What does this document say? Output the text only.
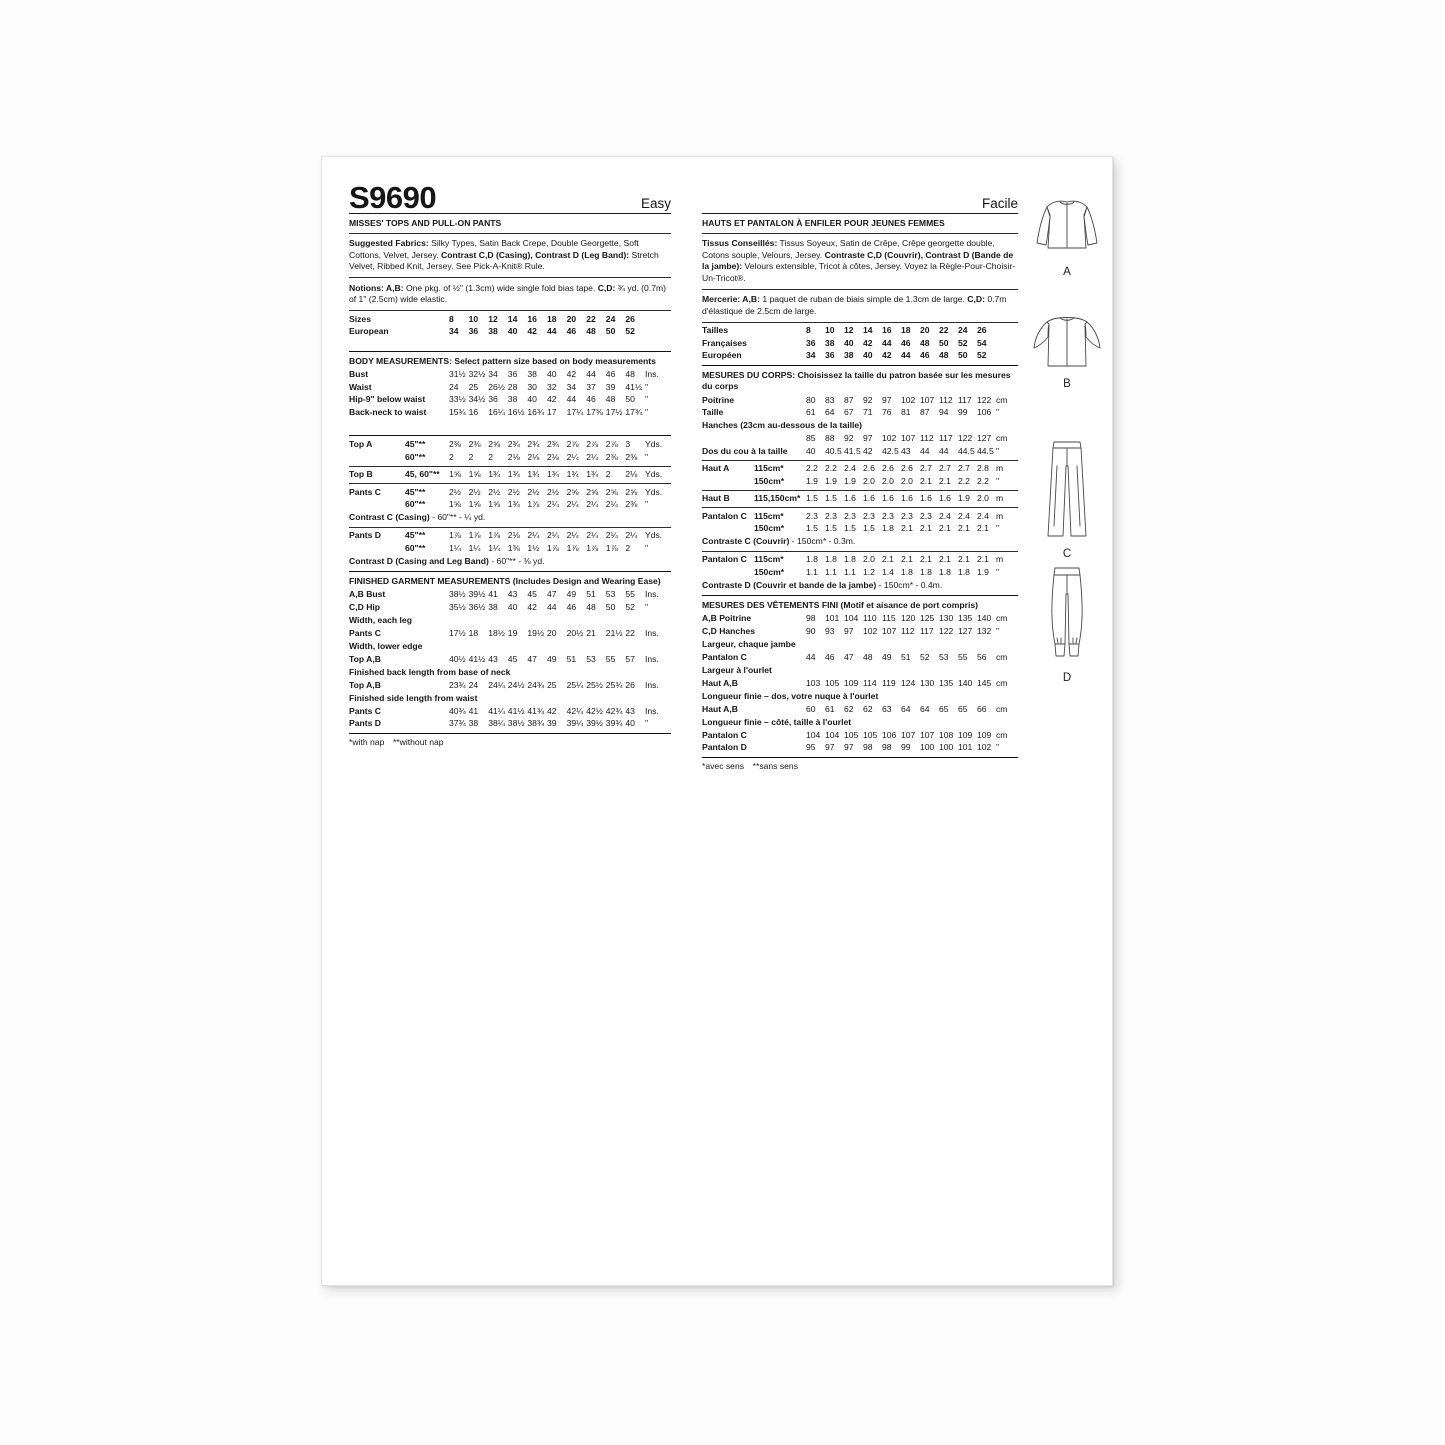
S9690	Easy
MISSES' TOPS AND PULL-ON PANTS
Suggested Fabrics: Silky Types, Satin Back Crepe, Double Georgette, Soft Cottons, Velvet, Jersey. Contrast C,D (Casing), Contrast D (Leg Band): Stretch Velvet, Ribbed Knit, Jersey. See Pick-A-Knit® Rule.
Notions: A,B: One pkg. of ½" (1.3cm) wide single fold bias tape. C,D: ¾ yd. (0.7m) of 1" (2.5cm) wide elastic.
Sizes	8	10	12	14	16	18	20	22	24	26
European	34	36	38	40	42	44	46	48	50	52
BODY MEASUREMENTS: Select pattern size based on body measurements
Bust	31½ 32½ 34	36	38	40	42	44	46	48	Ins.
Waist	24	25	26½ 28	30	32	34	37	39	41½ "
Hip-9" below waist	33½ 34½ 36	38	40	42	44	46	48	50	"
Back-neck to waist	15¾ 16	16¼ 16½ 16¾ 17	17¼ 17⅜ 17½ 17¾ "
Top A	45"**	2⅜ 2⅜ 2⅝ 2¾ 2¾ 2¾ 2⅞ 2⅞ 2⅞ 3	Yds.
60"**	2	2	2	2⅛ 2⅛ 2⅛ 2¼ 2¼ 2⅜ 2⅜ "
Top B	45, 60"**	1⅝ 1⅝ 1¾ 1¾ 1¾ 1¾ 1¾ 1¾ 2	2⅛ Yds.
Pants C	45"**	2½ 2½ 2½ 2½ 2½ 2½ 2⅝ 2⅝ 2⅝ 2⅝ Yds.
60"**	1⅝ 1⅝ 1⅝ 1¾ 1⅞ 2¼ 2¼ 2¼ 2¼ 2⅜ "
Contrast C (Casing) - 60"** - ¼ yd.
Pants D	45"**	1⅞ 1⅞ 1⅞ 2⅛ 2¼ 2¼ 2¼ 2¼ 2¼ 2¼ Yds.
60"**	1¼ 1¼ 1¼ 1⅜ 1½ 1⅞ 1⅞ 1⅞ 1⅞ 2	"
Contrast D (Casing and Leg Band) - 60"** - ⅜ yd.
FINISHED GARMENT MEASUREMENTS (Includes Design and Wearing Ease)
A,B Bust	38½ 39½ 41	43	45	47	49	51	53	55	Ins.
C,D Hip	35½ 36½ 38	40	42	44	46	48	50	52	"
Width, each leg
Pants C	17½ 18	18½ 19	19½ 20	20½ 21	21½ 22	Ins.
Width, lower edge
Top A,B	40½ 41½ 43	45	47	49	51	53	55	57	Ins.
Finished back length from base of neck
Top A,B	23¾ 24	24¼ 24½ 24¾ 25	25¼ 25½ 25¾ 26	Ins.
Finished side length from waist
Pants C	40¾ 41	41¼ 41½ 41¾ 42	42¼ 42½ 42¾ 43	Ins.
Pants D	37¾ 38	38¼ 38½ 38¾ 39	39¼ 39½ 39¾ 40	"
*with nap **without nap
Facile
HAUTS ET PANTALON À ENFILER POUR JEUNES FEMMES
Tissus Conseillés: Tissus Soyeux, Satin de Crêpe, Crêpe georgette double, Cotons souple, Velours, Jersey. Contraste C,D (Couvrir), Contrast D (Bande de la jambe): Velours extensible, Tricot à côtes, Jersey. Voyez la Règle-Pour-Choisir-Un-Tricot®.
Mercerie: A,B: 1 paquet de ruban de biais simple de 1.3cm de large. C,D: 0.7m d'élastique de 2.5cm de large.
Tailles	8	10	12	14	16	18	20	22	24	26
Françaises	36	38	40	42	44	46	48	50	52	54
Européen	34	36	38	40	42	44	46	48	50	52
MESURES DU CORPS: Choisissez la taille du patron basée sur les mesures du corps
Poitrine	80	83	87	92	97	102 107 112 117 122 cm
Taille	61	64	67	71	76	81	87	94	99	106 "
Hanches (23cm au-dessous de la taille)
85	88	92	97	102 107 112 117 122 127 cm
Dos du cou à la taille	40	40.5 41.5 42	42.5 43	44	44	44.5 44.5 "
Haut A	115cm*	2.2 2.2 2.4 2.6 2.6 2.6 2.7 2.7 2.7 2.8 m
150cm*	1.9 1.9 1.9 2.0 2.0 2.0 2.1 2.1 2.2 2.2 "
Haut B	115,150cm* 1.5 1.5 1.6 1.6 1.6 1.6 1.6 1.6 1.9 2.0 m
Pantalon C 115cm*	2.3 2.3 2.3 2.3 2.3 2.3 2.3 2.4 2.4 2.4 m
150cm*	1.5 1.5 1.5 1.5 1.8 2.1 2.1 2.1 2.1 2.1 "
Contraste C (Couvrir) - 150cm* - 0.3m.
Pantalon C 115cm*	1.8 1.8 1.8 2.0 2.1 2.1 2.1 2.1 2.1 2.1 m
150cm*	1.1 1.1 1.1 1.2 1.4 1.8 1.8 1.8 1.8 1.9 "
Contraste D (Couvrir et bande de la jambe) - 150cm* - 0.4m.
MESURES DES VÊTEMENTS FINI (Motif et aisance de port compris)
A,B Poitrine	98	101 104 110 115 120 125 130 135 140 cm
C,D Hanches	90	93	97	102 107 112 117 122 127 132 "
Largeur, chaque jambe
Pantalon C	44	46	47	48	49	51	52	53	55	56	cm
Largeur à l'ourlet
Haut A,B	103 105 109 114 119 124 130 135 140 145 cm
Longueur finie – dos, votre nuque à l'ourlet
Haut A,B	60	61	62	62	63	64	64	65	65	66	cm
Longueur finie – côté, taille à l'ourlet
Pantalon C	104 104 105 105 106 107 107 108 109 109 cm
Pantalon D	95	97	97	98	98	99	100 100 101 102 "
*avec sens **sans sens
A
B
C
D
